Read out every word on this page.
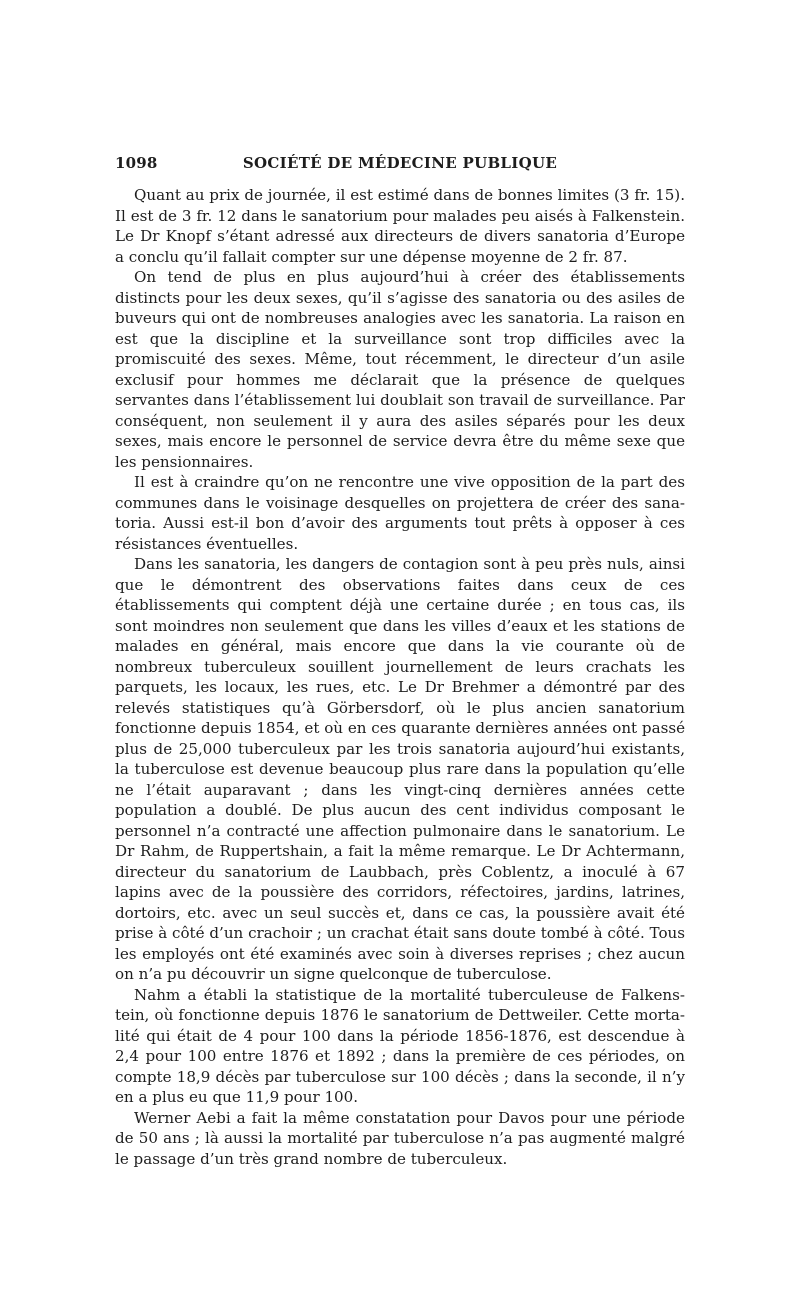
1098	SOCIÉTÉ DE MÉDECINE PUBLIQUE

Quant au prix de journée, il est estimé dans de bonnes limites (3 fr. 15). Il est de 3 fr. 12 dans le sanatorium pour malades peu aisés à Falkenstein. Le Dr Knopf s’étant adressé aux directeurs de divers sanatoria d’Europe a conclu qu’il fallait compter sur une dépense moyenne de 2 fr. 87.

On tend de plus en plus aujourd’hui à créer des établissements distincts pour les deux sexes, qu’il s’agisse des sanatoria ou des asiles de buveurs qui ont de nombreuses analogies avec les sanatoria. La raison en est que la discipline et la surveillance sont trop difficiles avec la promiscuité des sexes. Même, tout récemment, le directeur d’un asile exclusif pour hommes me déclarait que la présence de quelques servantes dans l’établissement lui doublait son travail de surveillance. Par conséquent, non seulement il y aura des asiles séparés pour les deux sexes, mais encore le personnel de service devra être du même sexe que les pensionnaires.

Il est à craindre qu’on ne rencontre une vive opposition de la part des communes dans le voisinage desquelles on projettera de créer des sanatoria. Aussi est-il bon d’avoir des arguments tout prêts à opposer à ces résistances éventuelles.

Dans les sanatoria, les dangers de contagion sont à peu près nuls, ainsi que le démontrent des observations faites dans ceux de ces établissements qui comptent déjà une certaine durée ; en tous cas, ils sont moindres non seulement que dans les villes d’eaux et les stations de malades en général, mais encore que dans la vie courante où de nombreux tuberculeux souillent journellement de leurs crachats les parquets, les locaux, les rues, etc. Le Dr Brehmer a démontré par des relevés statistiques qu’à Görbersdorf, où le plus ancien sanatorium fonctionne depuis 1854, et où en ces quarante dernières années ont passé plus de 25,000 tuberculeux par les trois sanatoria aujourd’hui existants, la tuberculose est devenue beaucoup plus rare dans la population qu’elle ne l’était auparavant ; dans les vingt-cinq dernières années cette population a doublé. De plus aucun des cent individus composant le personnel n’a contracté une affection pulmonaire dans le sanatorium. Le Dr Rahm, de Ruppertshain, a fait la même remarque. Le Dr Achtermann, directeur du sanatorium de Laubbach, près Coblentz, a inoculé à 67 lapins avec de la poussière des corridors, réfectoires, jardins, latrines, dortoirs, etc. avec un seul succès et, dans ce cas, la poussière avait été prise à côté d’un crachoir ; un crachat était sans doute tombé à côté. Tous les employés ont été examinés avec soin à diverses reprises ; chez aucun on n’a pu découvrir un signe quelconque de tuberculose.

Nahm a établi la statistique de la mortalité tuberculeuse de Falkenstein, où fonctionne depuis 1876 le sanatorium de Dettweiler. Cette mortalité qui était de 4 pour 100 dans la période 1856-1876, est descendue à 2,4 pour 100 entre 1876 et 1892 ; dans la première de ces périodes, on compte 18,9 décès par tuberculose sur 100 décès ; dans la seconde, il n’y en a plus eu que 11,9 pour 100.

Werner Aebi a fait la même constatation pour Davos pour une période de 50 ans ; là aussi la mortalité par tuberculose n’a pas augmenté malgré le passage d’un très grand nombre de tuberculeux.
